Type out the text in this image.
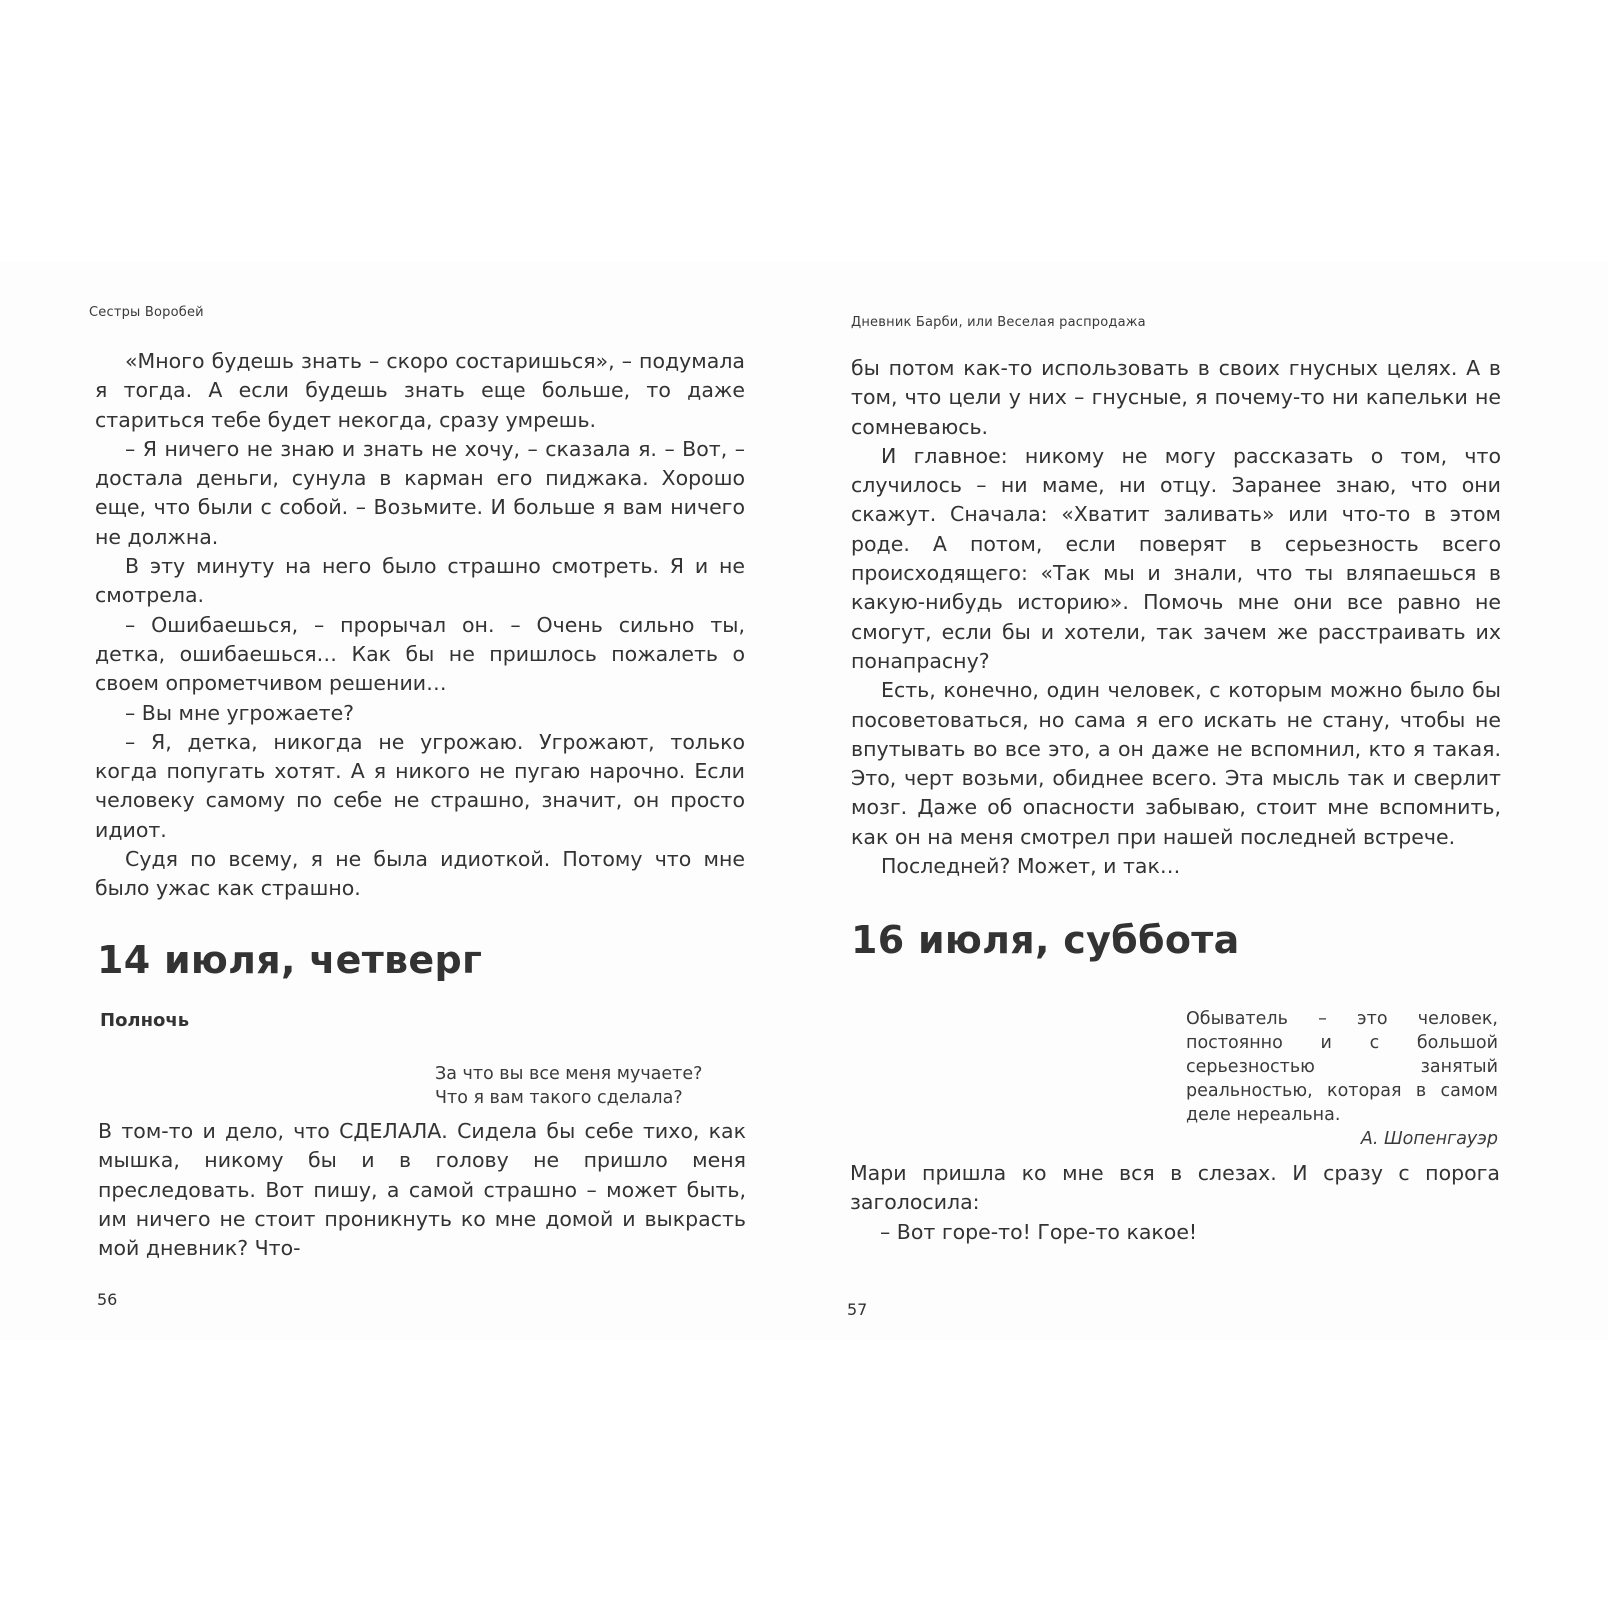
Сестры Воробей

«Много будешь знать – скоро состаришься», – подумала я тогда. А если будешь знать еще больше, то даже стариться тебе будет некогда, сразу умрешь.

– Я ничего не знаю и знать не хочу, – сказала я. – Вот, – достала деньги, сунула в карман его пиджака. Хорошо еще, что были с собой. – Возьмите. И больше я вам ничего не должна.

В эту минуту на него было страшно смотреть. Я и не смотрела.

– Ошибаешься, – прорычал он. – Очень сильно ты, детка, ошибаешься… Как бы не пришлось пожалеть о своем опрометчивом решении…

– Вы мне угрожаете?

– Я, детка, никогда не угрожаю. Угрожают, только когда попугать хотят. А я никого не пугаю нарочно. Если человеку самому по себе не страшно, значит, он просто идиот.

Судя по всему, я не была идиоткой. Потому что мне было ужас как страшно.

14 июля, четверг
Полночь

За что вы все меня мучаете?

Что я вам такого сделала?

В том-то и дело, что СДЕЛАЛА. Сидела бы себе тихо, как мышка, никому бы и в голову не пришло меня преследовать. Вот пишу, а самой страшно – может быть, им ничего не стоит проникнуть ко мне домой и выкрасть мой дневник? Что-

56
Дневник Барби, или Веселая распродажа

бы потом как-то использовать в своих гнусных целях. А в том, что цели у них – гнусные, я почему-то ни капельки не сомневаюсь.

И главное: никому не могу рассказать о том, что случилось – ни маме, ни отцу. Заранее знаю, что они скажут. Сначала: «Хватит заливать» или что-то в этом роде. А потом, если поверят в серьезность всего происходящего: «Так мы и знали, что ты вляпаешься в какую-нибудь историю». Помочь мне они все равно не смогут, если бы и хотели, так зачем же расстраивать их понапрасну?

Есть, конечно, один человек, с которым можно было бы посоветоваться, но сама я его искать не стану, чтобы не впутывать во все это, а он даже не вспомнил, кто я такая. Это, черт возьми, обиднее всего. Эта мысль так и сверлит мозг. Даже об опасности забываю, стоит мне вспомнить, как он на меня смотрел при нашей последней встрече.

Последней? Может, и так…

16 июля, суббота

Обыватель – это человек, постоянно и с большой серьезностью занятый реальностью, которая в самом деле нереальна.

А. Шопенгауэр

Мари пришла ко мне вся в слезах. И сразу с порога заголосила:

– Вот горе-то! Горе-то какое!

57
